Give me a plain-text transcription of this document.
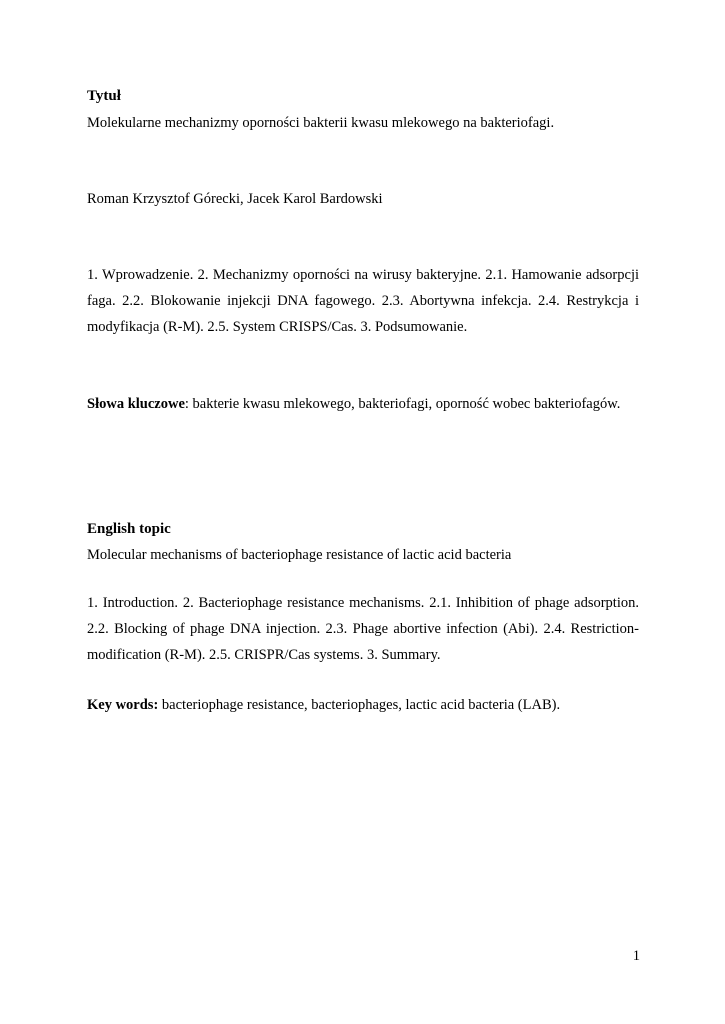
Tytuł
Molekularne mechanizmy oporności bakterii kwasu mlekowego na bakteriofagi.
Roman Krzysztof Górecki, Jacek Karol Bardowski
1. Wprowadzenie. 2. Mechanizmy oporności na wirusy bakteryjne. 2.1. Hamowanie adsorpcji faga. 2.2. Blokowanie injekcji DNA fagowego. 2.3. Abortywna infekcja. 2.4. Restrykcja i modyfikacja (R-M). 2.5. System CRISPS/Cas. 3. Podsumowanie.
Słowa kluczowe: bakterie kwasu mlekowego, bakteriofagi, oporność wobec bakteriofagów.
English topic
Molecular mechanisms of bacteriophage resistance of lactic acid bacteria
1. Introduction. 2. Bacteriophage resistance mechanisms. 2.1. Inhibition of phage adsorption. 2.2. Blocking of phage DNA injection. 2.3. Phage abortive infection (Abi). 2.4. Restriction-modification (R-M). 2.5. CRISPR/Cas systems. 3. Summary.
Key words: bacteriophage resistance, bacteriophages, lactic acid bacteria (LAB).
1
